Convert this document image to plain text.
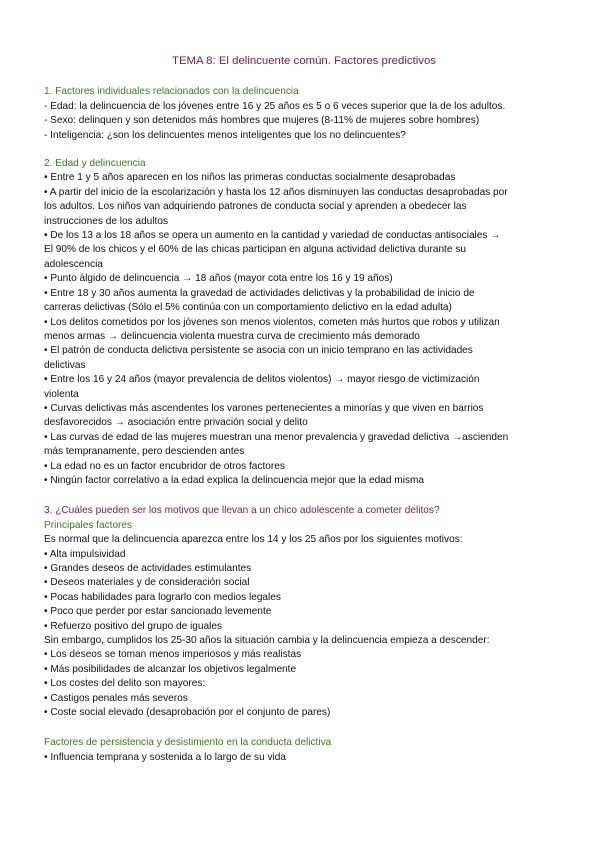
TEMA 8: El delincuente común. Factores predictivos

1. Factores individuales relacionados con la delincuencia

- Edad: la delincuencia de los jóvenes entre 16 y 25 años es 5 o 6 veces superior que la de los adultos.

- Sexo: delinquen y son detenidos más hombres que mujeres (8-11% de mujeres sobre hombres)

- Inteligencia: ¿son los delincuentes menos inteligentes que los no delincuentes?

2. Edad y delincuencia

• Entre 1 y 5 años aparecen en los niños las primeras conductas socialmente desaprobadas

• A partir del inicio de la escolarización y hasta los 12 años disminuyen las conductas desaprobadas por

los adultos. Los niños van adquiriendo patrones de conducta social y aprenden a obedecer las

instrucciones de los adultos

• De los 13 a los 18 años se opera un aumento en la cantidad y variedad de conductas antisociales →

El 90% de los chicos y el 60% de las chicas participan en alguna actividad delictiva durante su

adolescencia

• Punto álgido de delincuencia → 18 años (mayor cota entre los 16 y 19 años)

• Entre 18 y 30 años aumenta la gravedad de actividades delictivas y la probabilidad de inicio de

carreras delictivas (Sólo el 5% continúa con un comportamiento delictivo en la edad adulta)

• Los delitos cometidos por los jóvenes son menos violentos, cometen más hurtos que robos y utilizan

menos armas → delincuencia violenta muestra curva de crecimiento más demorado

• El patrón de conducta delictiva persistente se asocia con un inicio temprano en las actividades

delictivas

• Entre los 16 y 24 años (mayor prevalencia de delitos violentos) → mayor riesgo de victimización

violenta

• Curvas delictivas más ascendentes los varones pertenecientes a minorías y que viven en barrios

desfavorecidos → asociación entre privación social y delito

• Las curvas de edad de las mujeres muestran una menor prevalencia y gravedad delictiva →ascienden

más tempranamente, pero descienden antes

• La edad no es un factor encubridor de otros factores

• Ningún factor correlativo a la edad explica la delincuencia mejor que la edad misma

3. ¿Cuáles pueden ser los motivos que llevan a un chico adolescente a cometer delitos?

Principales factores

Es normal que la delincuencia aparezca entre los 14 y los 25 años por los siguientes motivos:

• Alta impulsividad

• Grandes deseos de actividades estimulantes

• Deseos materiales y de consideración social

• Pocas habilidades para lograrlo con medios legales

• Poco que perder por estar sancionado levemente

• Refuerzo positivo del grupo de iguales

Sin embargo, cumplidos los 25-30 años la situación cambia y la delincuencia empieza a descender:

• Los deseos se toman menos imperiosos y más realistas

• Más posibilidades de alcanzar los objetivos legalmente

• Los costes del delito son mayores:

• Castigos penales más severos

• Coste social elevado (desaprobación por el conjunto de pares)

Factores de persistencia y desistimiento en la conducta delictiva

• Influencia temprana y sostenida a lo largo de su vida
